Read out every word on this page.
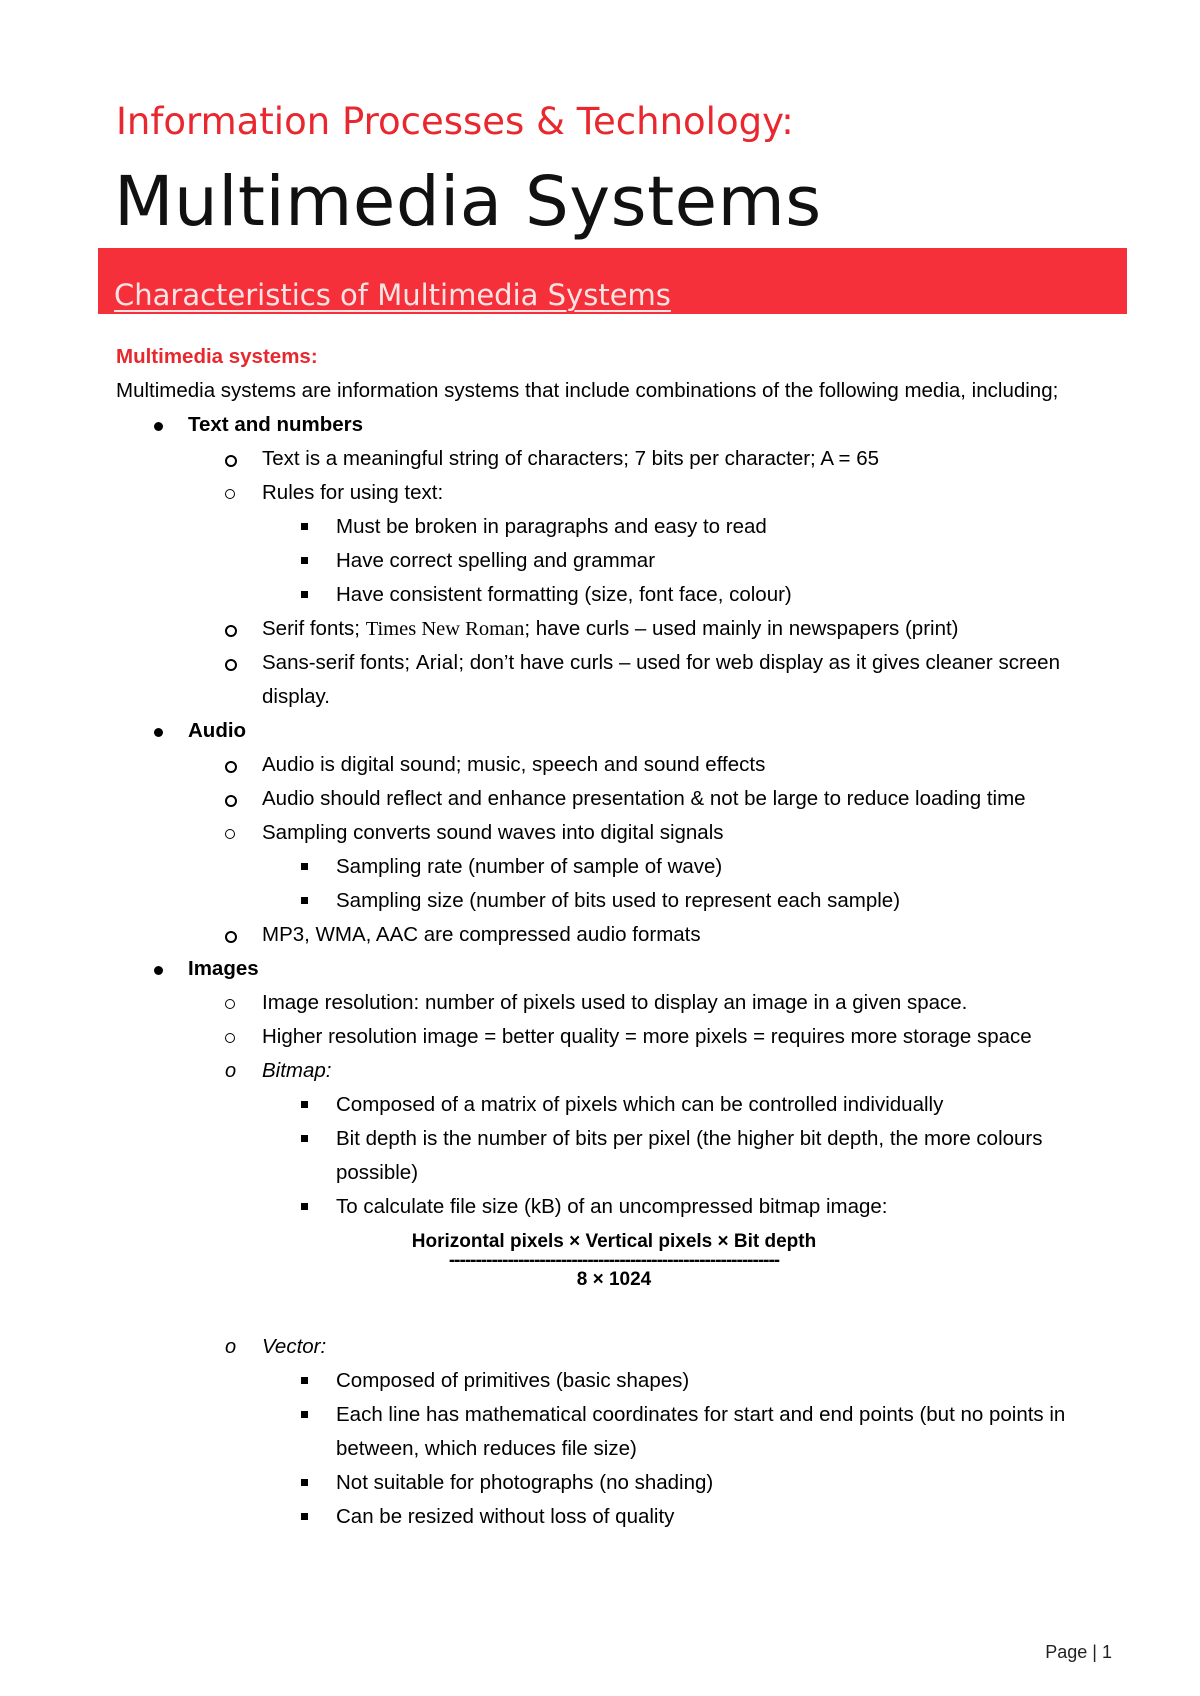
Information Processes & Technology:
Multimedia Systems
Characteristics of Multimedia Systems

Multimedia systems:

Multimedia systems are information systems that include combinations of the following media, including;

Text and numbers
Text is a meaningful string of characters; 7 bits per character; A = 65
Rules for using text:
Must be broken in paragraphs and easy to read
Have correct spelling and grammar
Have consistent formatting (size, font face, colour)
Serif fonts; Times New Roman; have curls – used mainly in newspapers (print)
Sans-serif fonts; Arial; don’t have curls – used for web display as it gives cleaner screen display.
Audio
Audio is digital sound; music, speech and sound effects
Audio should reflect and enhance presentation & not be large to reduce loading time
Sampling converts sound waves into digital signals
Sampling rate (number of sample of wave)
Sampling size (number of bits used to represent each sample)
MP3, WMA, AAC are compressed audio formats
Images
Image resolution: number of pixels used to display an image in a given space.
Higher resolution image = better quality = more pixels = requires more storage space
o Bitmap:
Composed of a matrix of pixels which can be controlled individually
Bit depth is the number of bits per pixel (the higher bit depth, the more colours possible)
To calculate file size (kB) of an uncompressed bitmap image:
Horizontal pixels × Vertical pixels × Bit depth
--------------------------------------------------------------
8 × 1024
o Vector:
Composed of primitives (basic shapes)
Each line has mathematical coordinates for start and end points (but no points in between, which reduces file size)
Not suitable for photographs (no shading)
Can be resized without loss of quality
Page | 1
